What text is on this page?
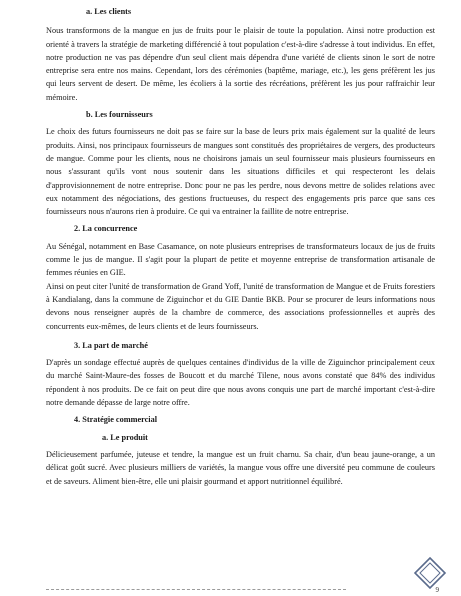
a. Les clients

Nous transformons de la mangue en jus de fruits pour le plaisir de toute la population. Ainsi notre production est orienté à travers la stratégie de marketing différencié à tout population c'est-à-dire s'adresse à tout individus. En effet, notre production ne vas pas dépendre d'un seul client mais dépendra d'une variété de clients sinon le sort de notre entreprise sera entre nos mains. Cependant, lors des cérémonies (baptême, mariage, etc.), les gens préfèrent les jus qui leurs servent de desert. De même, les écoliers à la sortie des récréations, préfèrent les jus pour raffraichir leur mémoire.

b. Les fournisseurs

Le choix des futurs fournisseurs ne doit pas se faire sur la base de leurs prix mais également sur la qualité de leurs produits. Ainsi, nos principaux fournisseurs de mangues sont constitués des propriétaires de vergers, des producteurs de mangue. Comme pour les clients, nous ne choisirons jamais un seul fournisseur mais plusieurs fournisseurs en nous s'assurant qu'ils vont nous soutenir dans les situations difficiles et qui respecteront les delais d'approvisionnement de notre entreprise. Donc pour ne pas les perdre, nous devons mettre de solides relations avec eux notamment des négociations, des gestions fructueuses, du respect des engagements pris parce que sans ces fournisseurs nous n'aurons rien à produire. Ce qui va entrainer la faillite de notre entreprise.

2. La concurrence

Au Sénégal, notamment en Base Casamance, on note plusieurs entreprises de transformateurs locaux de jus de fruits comme le jus de mangue. Il s'agit pour la plupart de petite et moyenne entreprise de transformation artisanale de femmes réunies en GIE.

Ainsi on peut citer l'unité de transformation de Grand Yoff, l'unité de transformation de Mangue et de Fruits forestiers à Kandialang, dans la commune de Ziguinchor et du GIE Dantie BKB. Pour se procurer de leurs informations nous devons nous renseigner auprès de la chambre de commerce, des associations professionnelles et auprès des concurrents eux-mêmes, de leurs clients et de leurs fournisseurs.

3. La part de marché

D'après un sondage effectué auprès de quelques centaines d'individus de la ville de Ziguinchor principalement ceux du marché Saint-Maure-des fosses de Boucott et du marché Tilene, nous avons constaté que 84% des individus répondent à nos produits. De ce fait on peut dire que nous avons conquis une part de marché important c'est-à-dire notre demande dépasse de large notre offre.

4. Stratégie commercial

a. Le produit

Délicieusement parfumée, juteuse et tendre, la mangue est un fruit charnu. Sa chair, d'un beau jaune-orange, a un délicat goût sucré. Avec plusieurs milliers de variétés, la mangue vous offre une diversité peu commune de couleurs et de saveurs. Aliment bien-être, elle uni plaisir gourmand et apport nutritionnel équilibré.

9
